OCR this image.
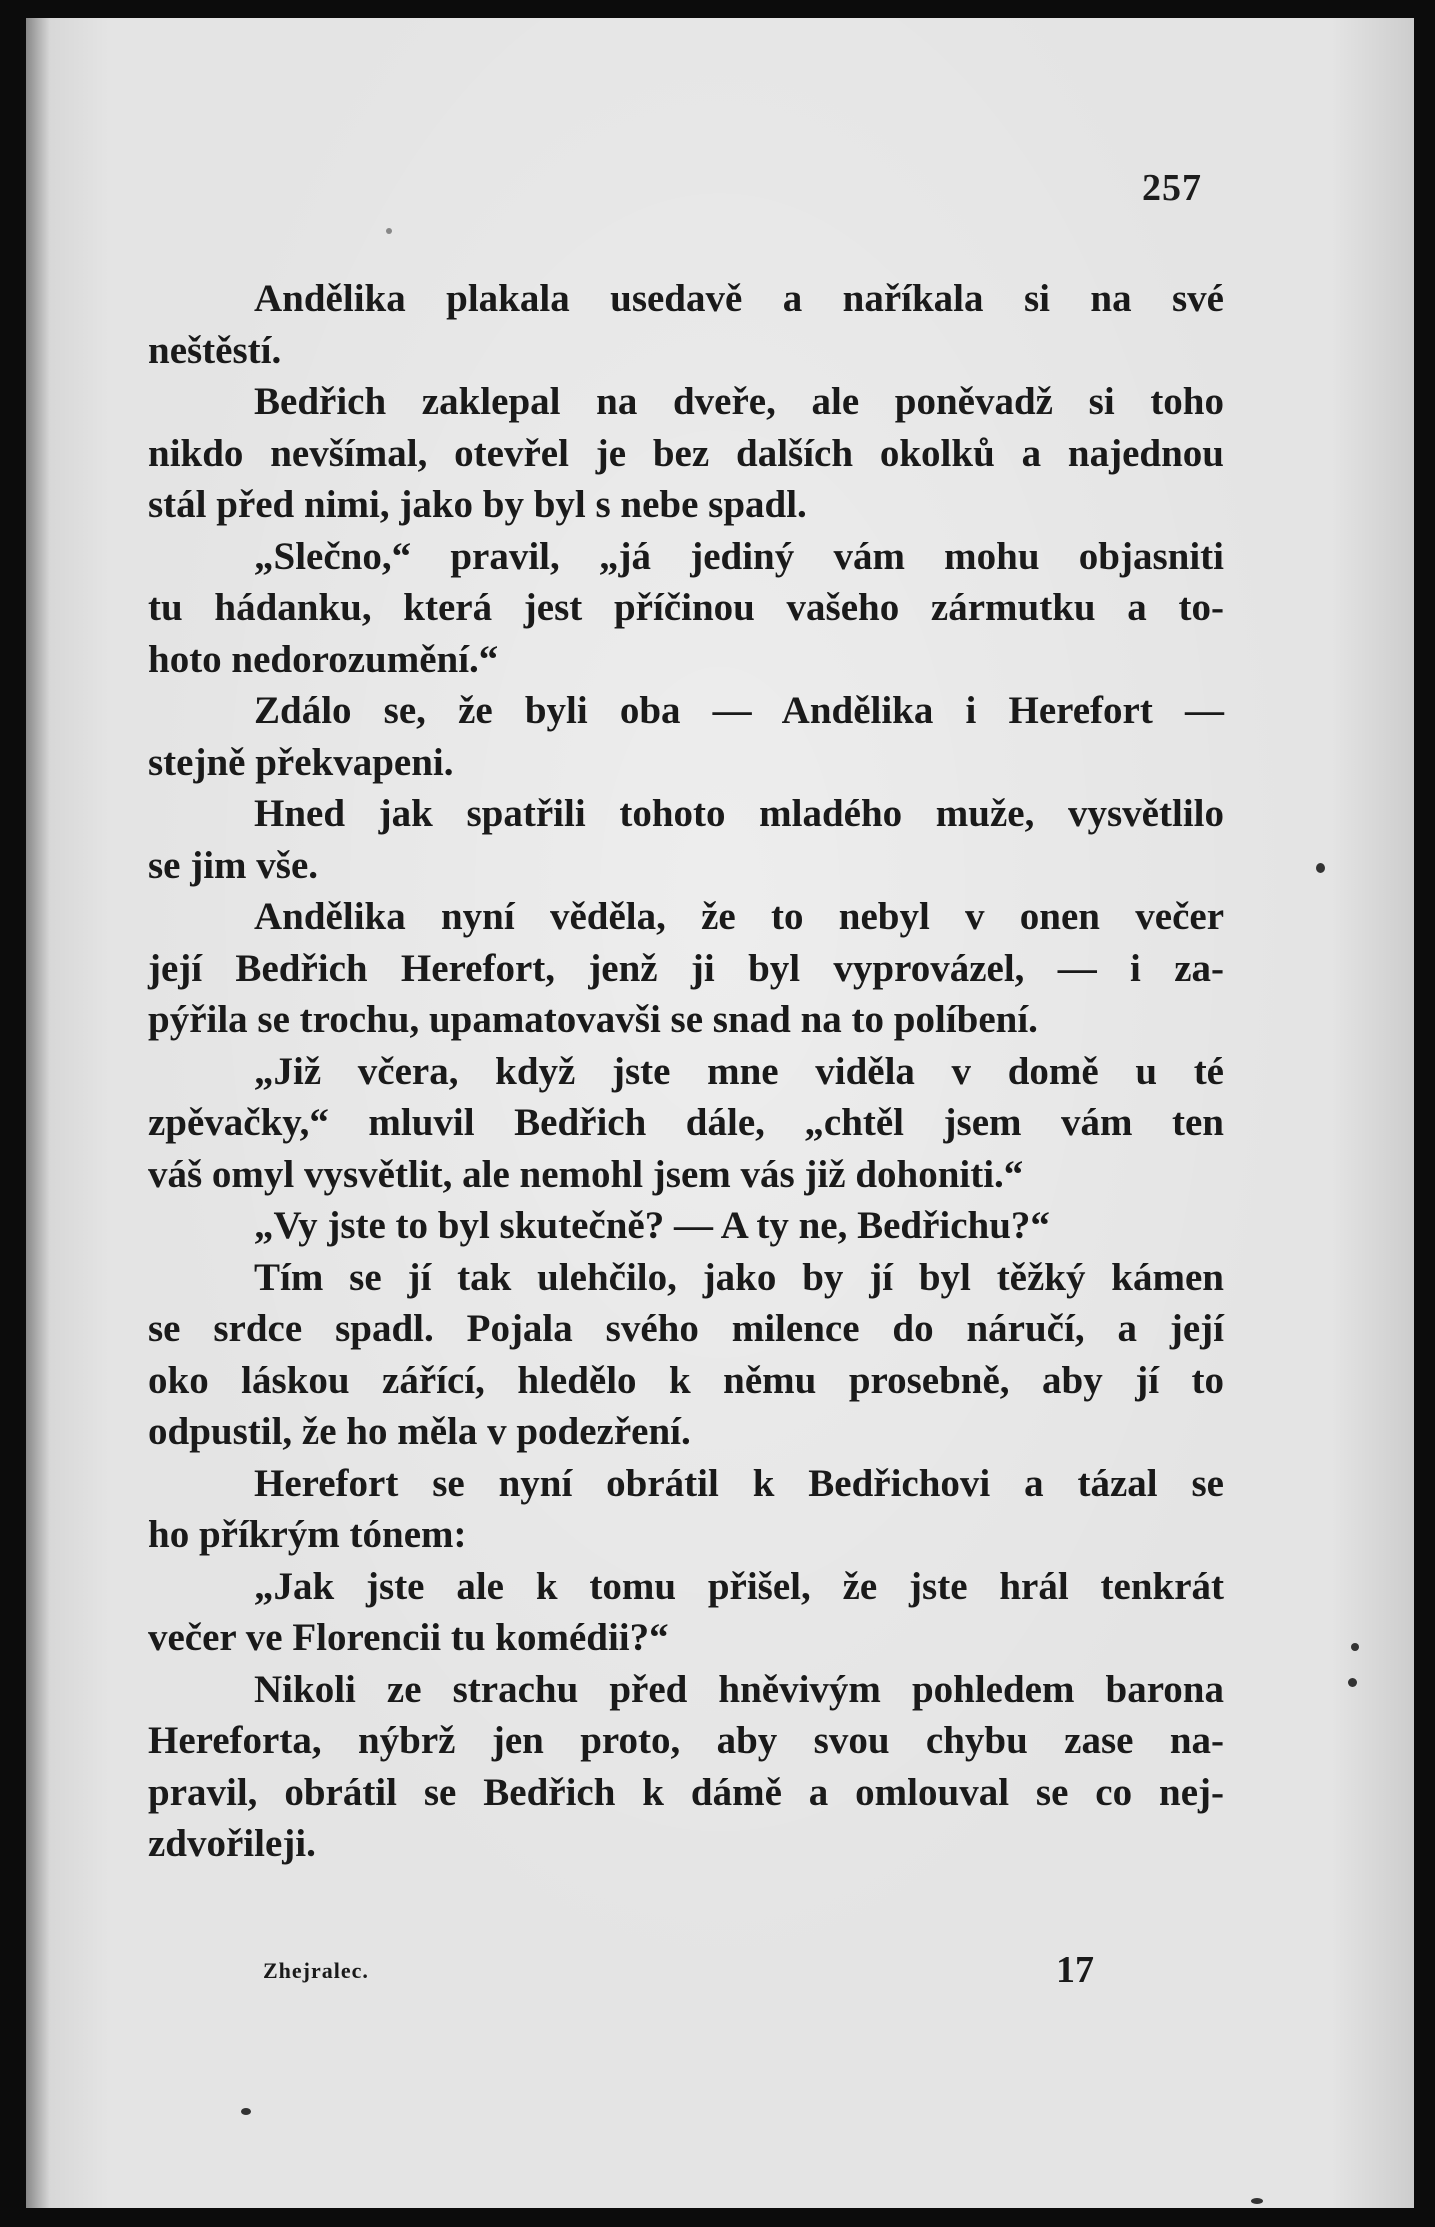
257
Andělika plakala usedavě a naříkala si na své
neštěstí.
Bedřich zaklepal na dveře, ale poněvadž si toho
nikdo nevšímal, otevřel je bez dalších okolků a najednou
stál před nimi, jako by byl s nebe spadl.
„Slečno,“ pravil, „já jediný vám mohu objasniti
tu hádanku, která jest příčinou vašeho zármutku a to-
hoto nedorozumění.“
Zdálo se, že byli oba — Andělika i Herefort —
stejně překvapeni.
Hned jak spatřili tohoto mladého muže, vysvětlilo
se jim vše.
Andělika nyní věděla, že to nebyl v onen večer
její Bedřich Herefort, jenž ji byl vyprovázel, — i za-
pýřila se trochu, upamatovavši se snad na to políbení.
„Již včera, když jste mne viděla v domě u té
zpěvačky,“ mluvil Bedřich dále, „chtěl jsem vám ten
váš omyl vysvětlit, ale nemohl jsem vás již dohoniti.“
„Vy jste to byl skutečně? — A ty ne, Bedřichu?“
Tím se jí tak ulehčilo, jako by jí byl těžký kámen
se srdce spadl. Pojala svého milence do náručí, a její
oko láskou zářící, hledělo k němu prosebně, aby jí to
odpustil, že ho měla v podezření.
Herefort se nyní obrátil k Bedřichovi a tázal se
ho příkrým tónem:
„Jak jste ale k tomu přišel, že jste hrál tenkrát
večer ve Florencii tu komédii?“
Nikoli ze strachu před hněvivým pohledem barona
Hereforta, nýbrž jen proto, aby svou chybu zase na-
pravil, obrátil se Bedřich k dámě a omlouval se co nej-
zdvořileji.
Zhejralec.	17
